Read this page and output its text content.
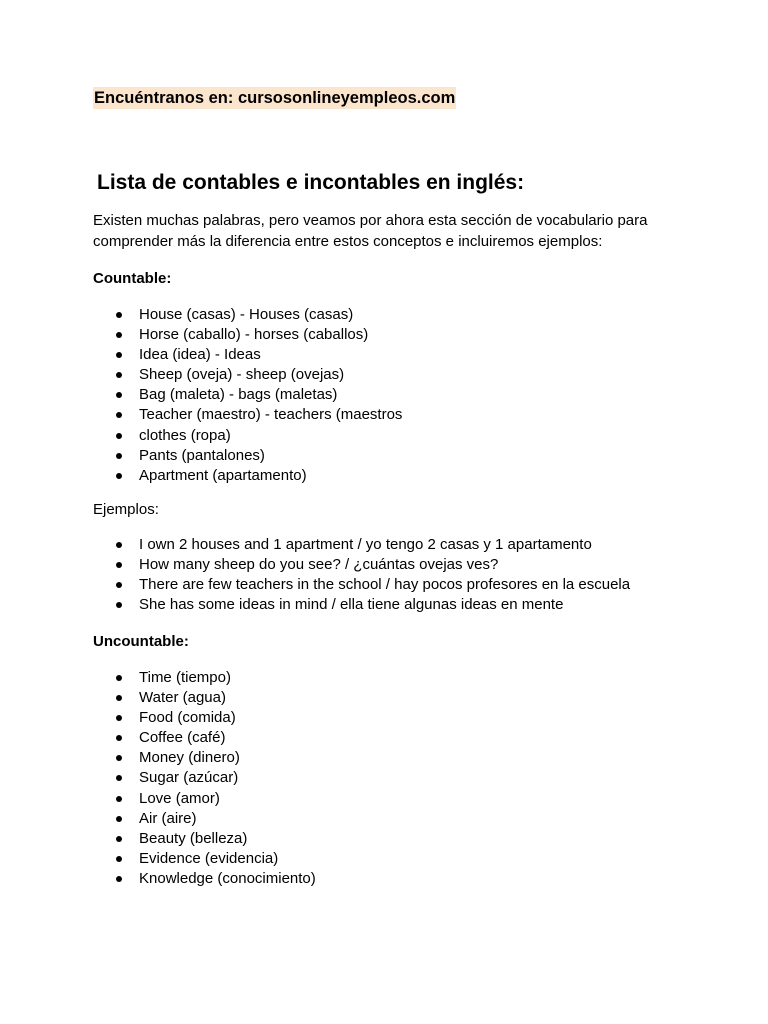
Encuéntranos en: cursosonlineyempleos.com
Lista de contables e incontables en inglés:

Existen muchas palabras, pero veamos por ahora esta sección de vocabulario para comprender más la diferencia entre estos conceptos e incluiremos ejemplos:

Countable:

House (casas) - Houses (casas)
Horse (caballo) - horses (caballos)
Idea (idea) - Ideas
Sheep (oveja) - sheep (ovejas)
Bag (maleta) - bags (maletas)
Teacher (maestro) - teachers (maestros
clothes (ropa)
Pants (pantalones)
Apartment (apartamento)

Ejemplos:

I own 2 houses and 1 apartment / yo tengo 2 casas y 1 apartamento
How many sheep do you see? / ¿cuántas ovejas ves?
There are few teachers in the school / hay pocos profesores en la escuela
She has some ideas in mind / ella tiene algunas ideas en mente

Uncountable:

Time (tiempo)
Water (agua)
Food (comida)
Coffee (café)
Money (dinero)
Sugar (azúcar)
Love (amor)
Air (aire)
Beauty (belleza)
Evidence (evidencia)
Knowledge (conocimiento)
